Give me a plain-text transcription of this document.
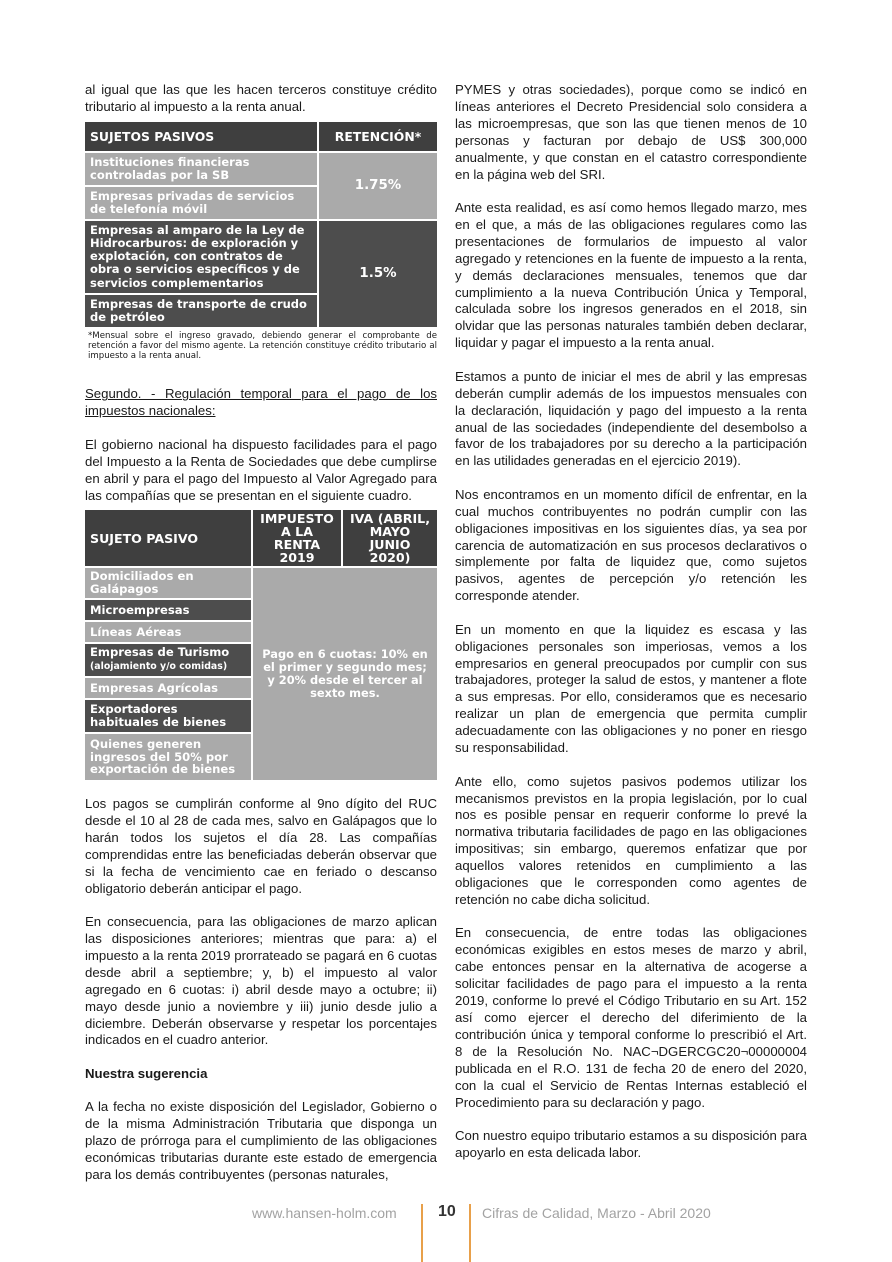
al igual que las que les hacen terceros constituye crédito tributario al impuesto a la renta anual.

SUJETOS PASIVOS	RETENCIÓN*
Instituciones financieras controladas por la SB	1.75%
Empresas privadas de servicios de telefonía móvil	
Empresas al amparo de la Ley de Hidrocarburos: de exploración y explotación, con contratos de obra o servicios específicos y de servicios complementarios	1.5%
Empresas de transporte de crudo de petróleo	
*Mensual sobre el ingreso gravado, debiendo generar el comprobante de retención a favor del mismo agente. La retención constituye crédito tributario al impuesto a la renta anual.

Segundo. - Regulación temporal para el pago de los impuestos nacionales:

El gobierno nacional ha dispuesto facilidades para el pago del Impuesto a la Renta de Sociedades que debe cumplirse en abril y para el pago del Impuesto al Valor Agregado para las compañías que se presentan en el siguiente cuadro.

SUJETO PASIVO	IMPUESTO A LA RENTA 2019	IVA (ABRIL, MAYO JUNIO 2020)
Domiciliados en Galápagos	Pago en 6 cuotas: 10% en el primer y segundo mes; y 20% desde el tercer al sexto mes.	
Microempresas		
Líneas Aéreas		
Empresas de Turismo
(alojamiento y/o comidas)		
Empresas Agrícolas		
Exportadores habituales de bienes		
Quienes generen ingresos del 50% por exportación de bienes		

Los pagos se cumplirán conforme al 9no dígito del RUC desde el 10 al 28 de cada mes, salvo en Galápagos que lo harán todos los sujetos el día 28. Las compañías comprendidas entre las beneficiadas deberán observar que si la fecha de vencimiento cae en feriado o descanso obligatorio deberán anticipar el pago.

En consecuencia, para las obligaciones de marzo aplican las disposiciones anteriores; mientras que para: a) el impuesto a la renta 2019 prorrateado se pagará en 6 cuotas desde abril a septiembre; y, b) el impuesto al valor agregado en 6 cuotas: i) abril desde mayo a octubre; ii) mayo desde junio a noviembre y iii) junio desde julio a diciembre. Deberán observarse y respetar los porcentajes indicados en el cuadro anterior.

Nuestra sugerencia

A la fecha no existe disposición del Legislador, Gobierno o de la misma Administración Tributaria que disponga un plazo de prórroga para el cumplimiento de las obligaciones económicas tributarias durante este estado de emergencia para los demás contribuyentes (personas naturales,

PYMES y otras sociedades), porque como se indicó en líneas anteriores el Decreto Presidencial solo considera a las microempresas, que son las que tienen menos de 10 personas y facturan por debajo de US$ 300,000 anualmente, y que constan en el catastro correspondiente en la página web del SRI.

Ante esta realidad, es así como hemos llegado marzo, mes en el que, a más de las obligaciones regulares como las presentaciones de formularios de impuesto al valor agregado y retenciones en la fuente de impuesto a la renta, y demás declaraciones mensuales, tenemos que dar cumplimiento a la nueva Contribución Única y Temporal, calculada sobre los ingresos generados en el 2018, sin olvidar que las personas naturales también deben declarar, liquidar y pagar el impuesto a la renta anual.

Estamos a punto de iniciar el mes de abril y las empresas deberán cumplir además de los impuestos mensuales con la declaración, liquidación y pago del impuesto a la renta anual de las sociedades (independiente del desembolso a favor de los trabajadores por su derecho a la participación en las utilidades generadas en el ejercicio 2019).

Nos encontramos en un momento difícil de enfrentar, en la cual muchos contribuyentes no podrán cumplir con las obligaciones impositivas en los siguientes días, ya sea por carencia de automatización en sus procesos declarativos o simplemente por falta de liquidez que, como sujetos pasivos, agentes de percepción y/o retención les corresponde atender.

En un momento en que la liquidez es escasa y las obligaciones personales son imperiosas, vemos a los empresarios en general preocupados por cumplir con sus trabajadores, proteger la salud de estos, y mantener a flote a sus empresas. Por ello, consideramos que es necesario realizar un plan de emergencia que permita cumplir adecuadamente con las obligaciones y no poner en riesgo su responsabilidad.

Ante ello, como sujetos pasivos podemos utilizar los mecanismos previstos en la propia legislación, por lo cual nos es posible pensar en requerir conforme lo prevé la normativa tributaria facilidades de pago en las obligaciones impositivas; sin embargo, queremos enfatizar que por aquellos valores retenidos en cumplimiento a las obligaciones que le corresponden como agentes de retención no cabe dicha solicitud.

En consecuencia, de entre todas las obligaciones económicas exigibles en estos meses de marzo y abril, cabe entonces pensar en la alternativa de acogerse a solicitar facilidades de pago para el impuesto a la renta 2019, conforme lo prevé el Código Tributario en su Art. 152 así como ejercer el derecho del diferimiento de la contribución única y temporal conforme lo prescribió el Art. 8 de la Resolución No. NAC¬DGERCGC20¬00000004 publicada en el R.O. 131 de fecha 20 de enero del 2020, con la cual el Servicio de Rentas Internas estableció el Procedimiento para su declaración y pago.

Con nuestro equipo tributario estamos a su disposición para apoyarlo en esta delicada labor.

www.hansen-holm.com	10 Cifras de Calidad, Marzo - Abril 2020
